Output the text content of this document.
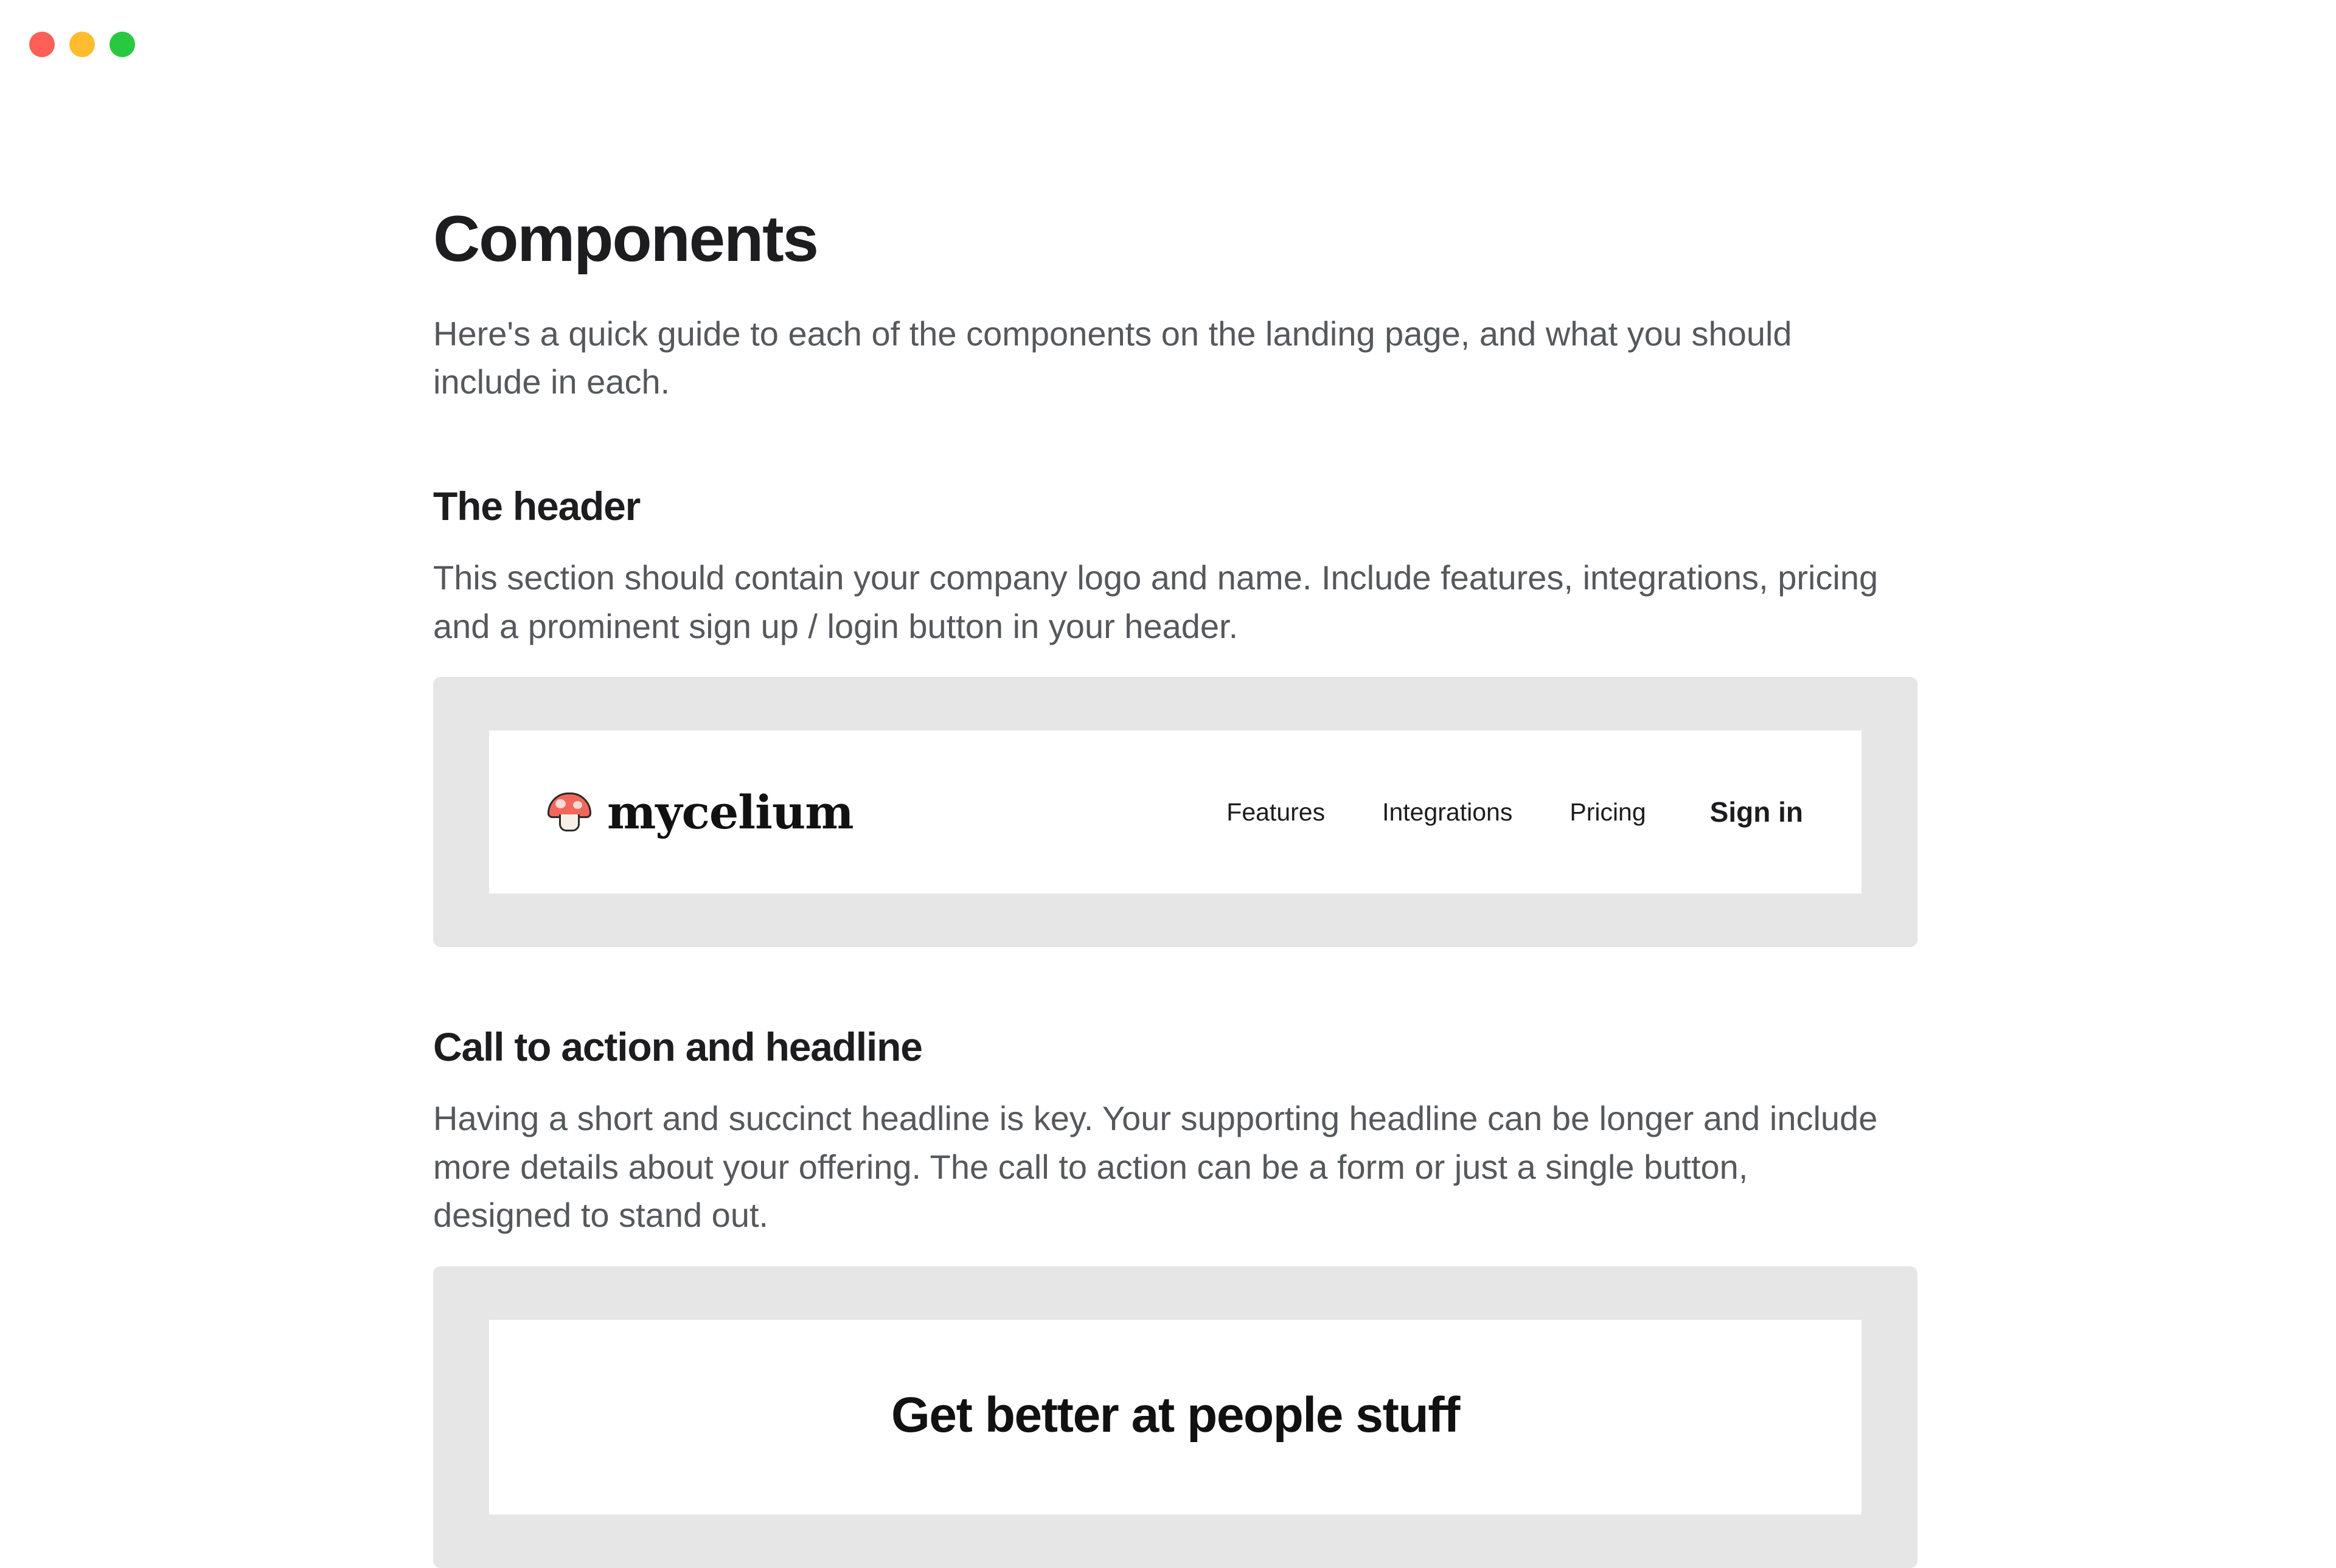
Components

Here's a quick guide to each of the components on the landing page, and what you should include in each.

The header

This section should contain your company logo and name. Include features, integrations, pricing and a prominent sign up / login button in your header.

mycelium	Features	Integrations	Pricing	Sign in
Call to action and headline

Having a short and succinct headline is key. Your supporting headline can be longer and include more details about your offering. The call to action can be a form or just a single button, designed to stand out.

Get better at people stuff
